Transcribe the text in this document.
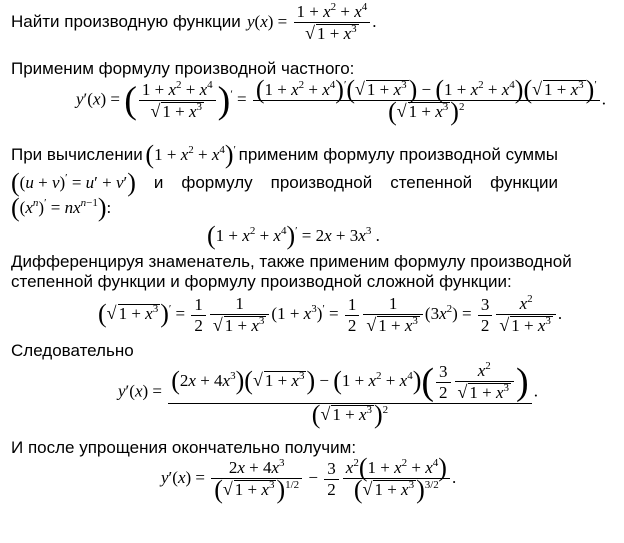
Найти производную функции $y(x) = \frac{1 + x^2 + x^4}{√ 1 + x^3}$ .
Применим формулу производной частного:
y′(x) = ( $\frac{1 + x^2 + x^4}{√ 1 + x^3} )' = \frac{(1 + x^2 + x^4)'(√ 1 + x^3) - (1 + x^2 + x^4)(√ 1 + x^3)'}{(√ 1 + x^3)^2}$ .
При вычислении $(1 + x^2 + x^4)'$ применим формулу производной суммы
((u + v)′ = u′ + v′) и формулу производной степенной функции
$((x^n)' = nx^{n-1})$:
$(1 + x^2 + x^4)' = 2x + 3x^3$ .
Дифференцируя знаменатель, также применим формулу производной
степенной функции и формулу производной сложной функции:
(√ $1 + x^3)' = \frac{1}{2} \frac{1}{√ 1 + x^3} (1 + x^3)' = \frac{1}{2} \frac{1}{√ 1 + x^3} (3x^2) = \frac{3}{2} \frac{x^2}{√ 1 + x^3}$ .
Следовательно
$y'(x) = \frac{(2x + 4x^3)(√ 1 + x^3) - (1 + x^2 + x^4)( \frac{3}{2} \frac{x^2}{√ 1 + x^3} )}{(√ 1 + x^3)^2}$ .
И после упрощения окончательно получим:
$y'(x) = \frac{2x + 4x^3}{(√ 1 + x^3)^{1/2}} - \frac{3}{2} \frac{x^2(1 + x^2 + x^4)}{(√ 1 + x^3)^{3/2}}$ .
